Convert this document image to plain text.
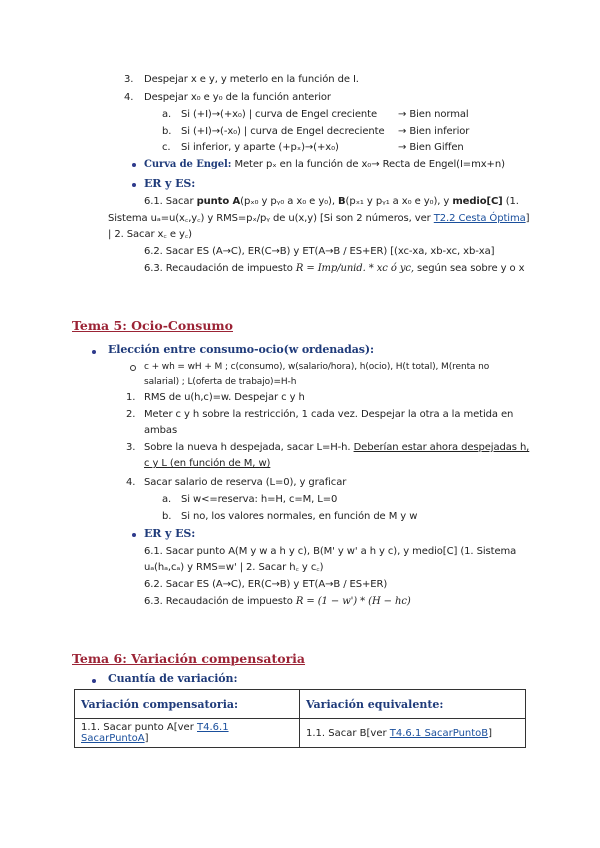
3. Despejar x e y, y meterlo en la función de I.
4. Despejar x₀ e y₀ de la función anterior
a. Si (+I)→(+x₀) | curva de Engel creciente → Bien normal
b. Si (+I)→(-x₀) | curva de Engel decreciente → Bien inferior
c. Si inferior, y aparte (+pₓ)→(+x₀)	→ Bien Giffen
Curva de Engel: Meter pₓ en la función de x₀→ Recta de Engel(I=mx+n)
ER y ES:
6.1. Sacar punto A(pₓ₀ y pᵧ₀ a x₀ e y₀), B(pₓ₁ y pᵧ₁ a x₀ e y₀), y medio[C] (1.
Sistema uₐ=u(x꜀,y꜀) y RMS=pₓ/pᵧ de u(x,y) [Si son 2 números, ver T2.2 Cesta Óptima]
| 2. Sacar x꜀ e y꜀)
6.2. Sacar ES (A→C), ER(C→B) y ET(A→B / ES+ER) [(xc-xa, xb-xc, xb-xa]
6.3. Recaudación de impuesto R = Imp/unid. * xc ó yc, según sea sobre y o x
Tema 5: Ocio-Consumo
Elección entre consumo-ocio(w ordenadas):
c + wh = wH + M ; c(consumo), w(salario/hora), h(ocio), H(t total), M(renta no
salarial) ; L(oferta de trabajo)=H-h
1. RMS de u(h,c)=w. Despejar c y h
2. Meter c y h sobre la restricción, 1 cada vez. Despejar la otra a la metida en
ambas
3. Sobre la nueva h despejada, sacar L=H-h. Deberían estar ahora despejadas h,
c y L (en función de M, w)
4. Sacar salario de reserva (L=0), y graficar
a. Si w<=reserva: h=H, c=M, L=0
b. Si no, los valores normales, en función de M y w
ER y ES:
6.1. Sacar punto A(M y w a h y c), B(M' y w' a h y c), y medio[C] (1. Sistema
uₐ(hₐ,cₐ) y RMS=w' | 2. Sacar h꜀ y c꜀)
6.2. Sacar ES (A→C), ER(C→B) y ET(A→B / ES+ER)
6.3. Recaudación de impuesto R = (1 − w') * (H − hc)
Tema 6: Variación compensatoria
Cuantía de variación:
Variación compensatoria:	Variación equivalente:
1.1. Sacar punto A[ver T4.6.1 SacarPuntoA]	1.1. Sacar B[ver T4.6.1 SacarPuntoB]
